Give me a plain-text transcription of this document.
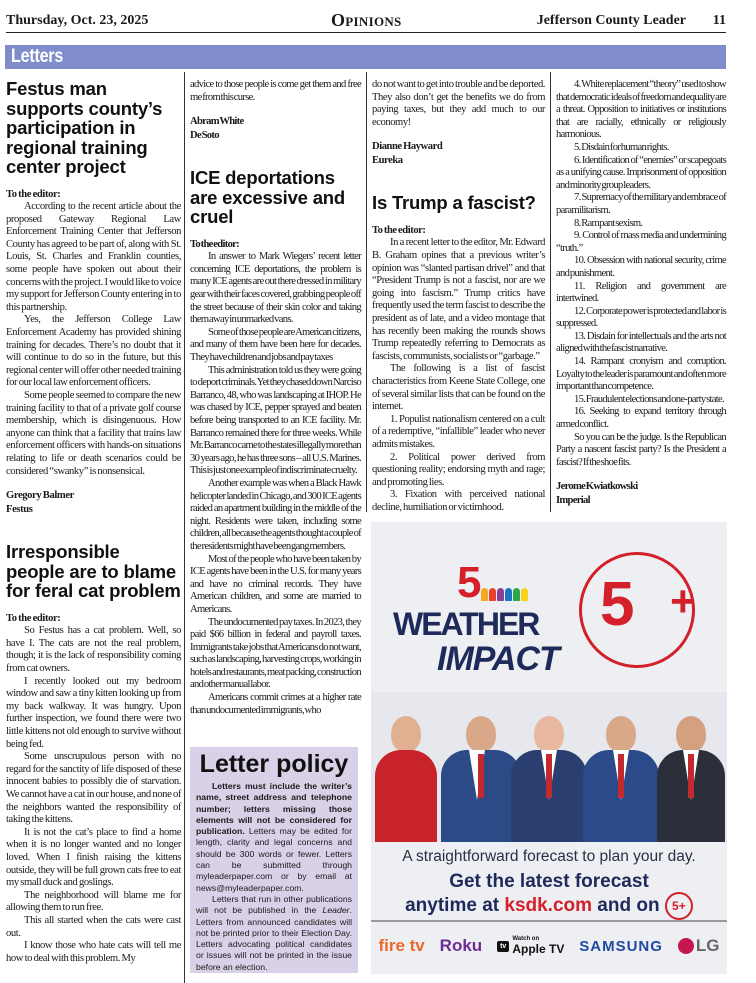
Thursday, Oct. 23, 2025	Opinions	Jefferson County Leader 11
Letters
Festus man supports county’s participation in regional training center project
To the editor:

According to the recent article about the proposed Gateway Regional Law Enforcement Training Center that Jefferson County has agreed to be part of, along with St. Louis, St. Charles and Franklin counties, some people have spoken out about their concerns with the project. I would like to voice my support for Jefferson County entering in to this partnership.

Yes, the Jefferson College Law Enforcement Academy has provided shining training for decades. There’s no doubt that it will continue to do so in the future, but this regional center will offer other needed training for our local law enforcement officers.

Some people seemed to compare the new training facility to that of a private golf course membership, which is disingenuous. How anyone can think that a facility that trains law enforcement officers with hands-on situations relating to life or death scenarios could be considered “swanky” is nonsensical.

Gregory Balmer
Festus
Irresponsible people are to blame for feral cat problem
To the editor:

So Festus has a cat problem. Well, so have I. The cats are not the real problem, though; it is the lack of responsibility coming from cat owners.

I recently looked out my bedroom window and saw a tiny kitten looking up from my back walkway. It was hungry. Upon further inspection, we found there were two little kittens not old enough to survive without being fed.

Some unscrupulous person with no regard for the sanctity of life disposed of these innocent babies to possibly die of starvation. We cannot have a cat in our house, and none of the neighbors wanted the responsibility of taking the kittens.

It is not the cat’s place to find a home when it is no longer wanted and no longer loved. When I finish raising the kittens outside, they will be full grown cats free to eat my small duck and goslings.

The neighborhood will blame me for allowing them to run free.

This all started when the cats were cast out.

I know those who hate cats will tell me how to deal with this problem. My

advice to those people is come get them and free me from this curse.

Abram White
De Soto
ICE deportations are excessive and cruel
To the editor:

In answer to Mark Wiegers’ recent letter concerning ICE deportations, the problem is many ICE agents are out there dressed in military gear with their faces covered, grabbing people off the street because of their skin color and taking them away in unmarked vans.

Some of those people are American citizens, and many of them have been here for decades. They have children and jobs and pay taxes

This administration told us they were going to deport criminals. Yet they chased down Narciso Barranco, 48, who was landscaping at IHOP. He was chased by ICE, pepper sprayed and beaten before being transported to an ICE facility. Mr. Barranco remained there for three weeks. While Mr. Barranco came to the states illegally more than 30 years ago, he has three sons – all U.S. Marines. This is just one example of indiscriminate cruelty.

Another example was when a Black Hawk helicopter landed in Chicago, and 300 ICE agents raided an apartment building in the middle of the night. Residents were taken, including some children, all because the agents thought a couple of the residents might have been gang members.

Most of the people who have been taken by ICE agents have been in the U.S. for many years and have no criminal records. They have American children, and some are married to Americans.

The undocumented pay taxes. In 2023, they paid $66 billion in federal and payroll taxes. Immigrants take jobs that Americans do not want, such as landscaping, harvesting crops, working in hotels and restaurants, meat packing, construction and other manual labor.

Americans commit crimes at a higher rate than undocumented immigrants, who

do not want to get into trouble and be deported. They also don’t get the benefits we do from paying taxes, but they add much to our economy!

Dianne Hayward
Eureka
Is Trump a fascist?
To the editor:

In a recent letter to the editor, Mr. Edward B. Graham opines that a previous writer’s opinion was “slanted partisan drivel” and that “President Trump is not a fascist, nor are we going into fascism.” Trump critics have frequently used the term fascist to describe the president as of late, and a video montage that has recently been making the rounds shows Trump repeatedly referring to Democrats as fascists, communists, socialists or “garbage.”

The following is a list of fascist characteristics from Keene State College, one of several similar lists that can be found on the internet.

1. Populist nationalism centered on a cult of a redemptive, “infallible” leader who never admits mistakes.

2. Political power derived from questioning reality; endorsing myth and rage; and promoting lies.

3. Fixation with perceived national decline, humiliation or victimhood.

4. White replacement “theory” used to show that democratic ideals of freedom and equality are a threat. Opposition to initiatives or institutions that are racially, ethnically or religiously harmonious.

5. Disdain for human rights.

6. Identification of “enemies” or scapegoats as a unifying cause. Imprisonment of opposition and minority group leaders.

7. Supremacy of the military and embrace of paramilitarism.

8. Rampant sexism.

9. Control of mass media and undermining “truth.”

10. Obsession with national security, crime and punishment.

11. Religion and government are intertwined.

12. Corporate power is protected and labor is suppressed.

13. Disdain for intellectuals and the arts not aligned with the fascist narrative.

14. Rampant cronyism and corruption. Loyalty to the leader is paramount and often more important than competence.

15. Fraudulent elections and one-party state.

16. Seeking to expand territory through armed conflict.

So you can be the judge. Is the Republican Party a nascent fascist party? Is the President a fascist? If the shoe fits.

Jerome Kwiatkowski
Imperial
Letter policy

Letters must include the writer’s name, street address and telephone number; letters missing those elements will not be considered for publication. Letters may be edited for length, clarity and legal concerns and should be 300 words or fewer. Letters can be submitted through myleaderpaper.com or by email at news@myleaderpaper.com.

Letters that run in other publications will not be published in the Leader. Letters from announced candidates will not be printed prior to their Election Day. Letters advocating political candidates or issues will not be printed in the issue before an election.

5
WEATHER
IMPACT
5 +
A straightforward forecast to plan your day.
Get the latest forecast
anytime at ksdk.com and on 5+
fire tv Roku	tv
Watch on
Apple TV SAMSUNG LG
